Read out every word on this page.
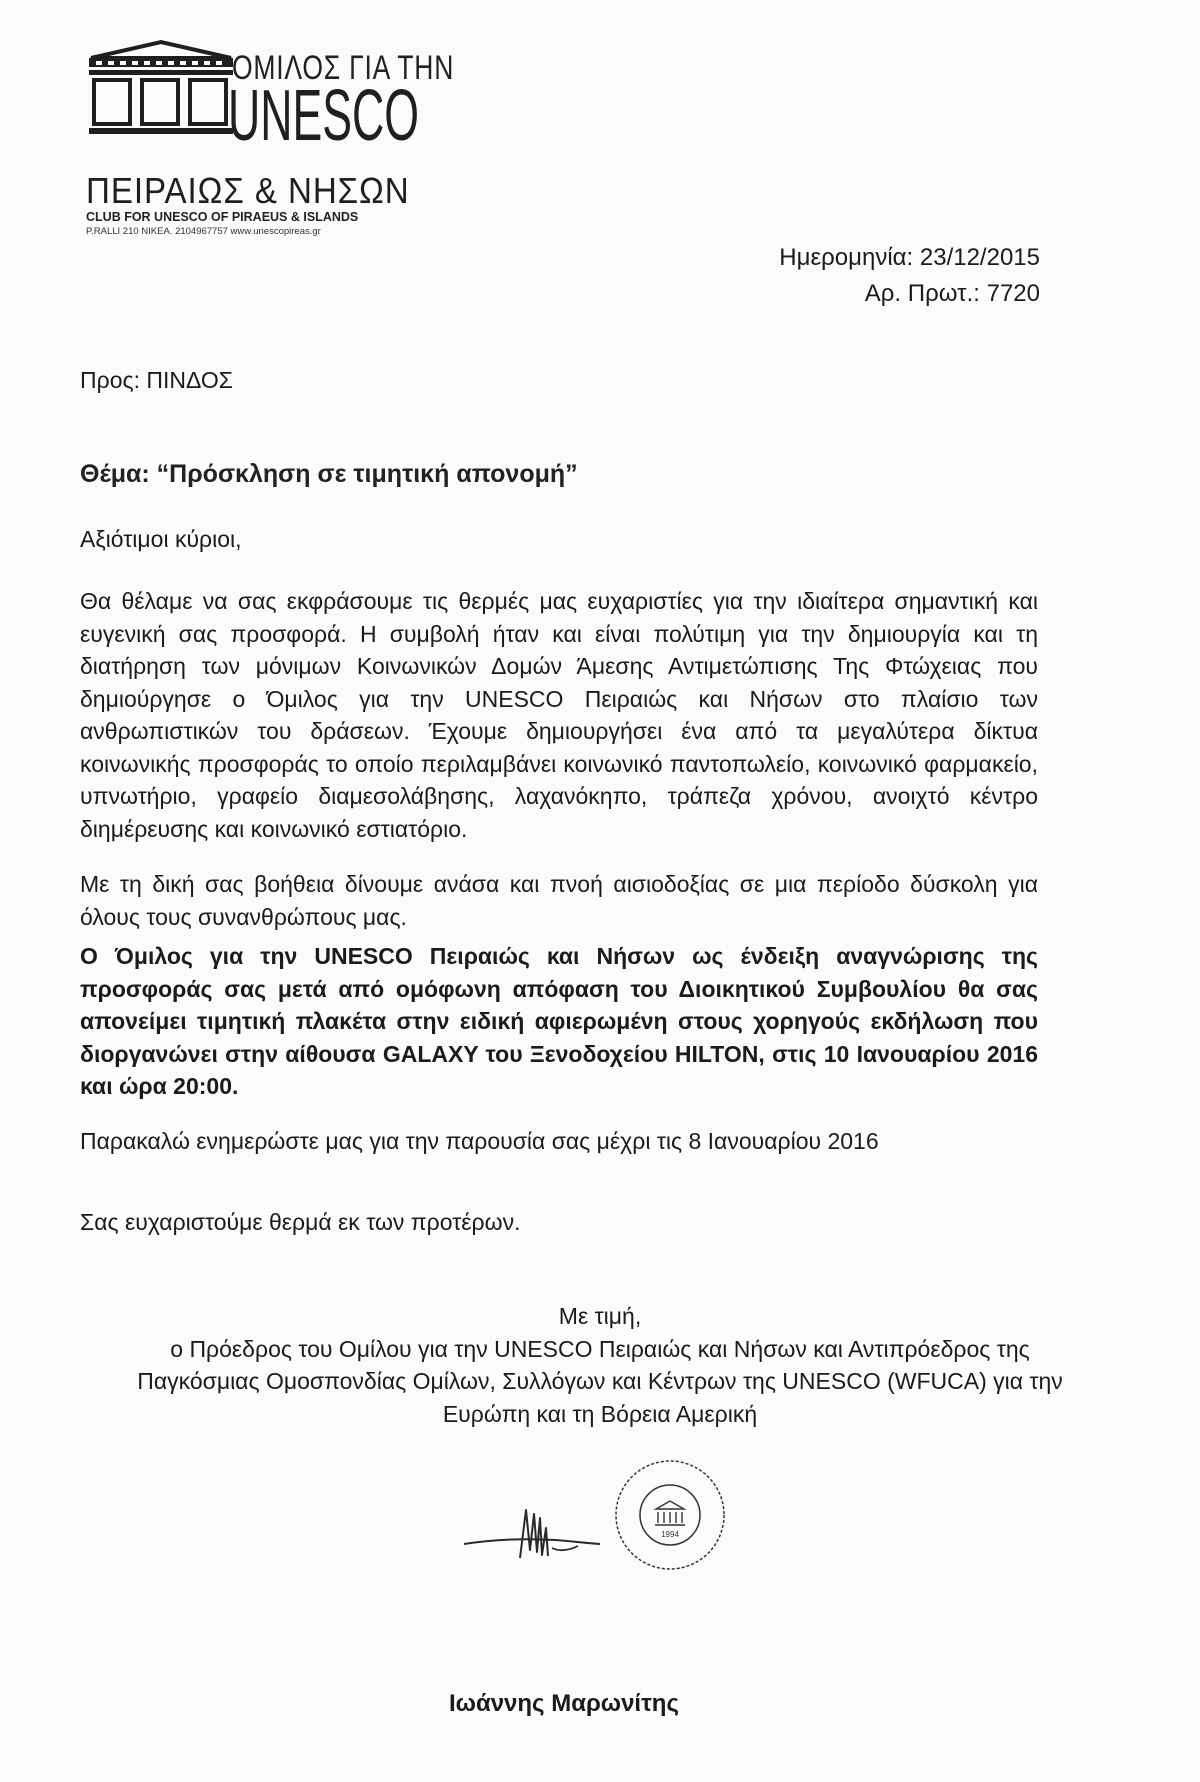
ΟΜΙΛΟΣ ΓΙΑ ΤΗΝ
UNESCO
ΠΕΙΡΑΙΩΣ & ΝΗΣΩΝ
CLUB FOR UNESCO OF PIRAEUS & ISLANDS
P.RALLI 210 NIKEA. 2104967757 www.unescopireas.gr
Ημερομηνία: 23/12/2015
Αρ. Πρωτ.: 7720
Προς: ΠΙΝΔΟΣ
Θέμα: “Πρόσκληση σε τιμητική απονομή”
Αξιότιμοι κύριοι,
Θα θέλαμε να σας εκφράσουμε τις θερμές μας ευχαριστίες για την ιδιαίτερα σημαντική και ευγενική σας προσφορά. Η συμβολή ήταν και είναι πολύτιμη για την δημιουργία και τη διατήρηση των μόνιμων Κοινωνικών Δομών Άμεσης Αντιμετώπισης Της Φτώχειας που δημιούργησε ο Όμιλος για την UNESCO Πειραιώς και Νήσων στο πλαίσιο των ανθρωπιστικών του δράσεων. Έχουμε δημιουργήσει ένα από τα μεγαλύτερα δίκτυα κοινωνικής προσφοράς το οποίο περιλαμβάνει κοινωνικό παντοπωλείο, κοινωνικό φαρμακείο, υπνωτήριο, γραφείο διαμεσολάβησης, λαχανόκηπο, τράπεζα χρόνου, ανοιχτό κέντρο διημέρευσης και κοινωνικό εστιατόριο.
Με τη δική σας βοήθεια δίνουμε ανάσα και πνοή αισιοδοξίας σε μια περίοδο δύσκολη για όλους τους συνανθρώπους μας.
Ο Όμιλος για την UNESCO Πειραιώς και Νήσων ως ένδειξη αναγνώρισης της προσφοράς σας μετά από ομόφωνη απόφαση του Διοικητικού Συμβουλίου θα σας απονείμει τιμητική πλακέτα στην ειδική αφιερωμένη στους χορηγούς εκδήλωση που διοργανώνει στην αίθουσα GALAXY του Ξενοδοχείου HILTON, στις 10 Ιανουαρίου 2016 και ώρα 20:00.
Παρακαλώ ενημερώστε μας για την παρουσία σας μέχρι τις 8 Ιανουαρίου 2016
Σας ευχαριστούμε θερμά εκ των προτέρων.
Με τιμή,
ο Πρόεδρος του Ομίλου για την UNESCO Πειραιώς και Νήσων και Αντιπρόεδρος της
Παγκόσμιας Ομοσπονδίας Ομίλων, Συλλόγων και Κέντρων της UNESCO (WFUCA) για την
Ευρώπη και τη Βόρεια Αμερική
1994
Ιωάννης Μαρωνίτης
